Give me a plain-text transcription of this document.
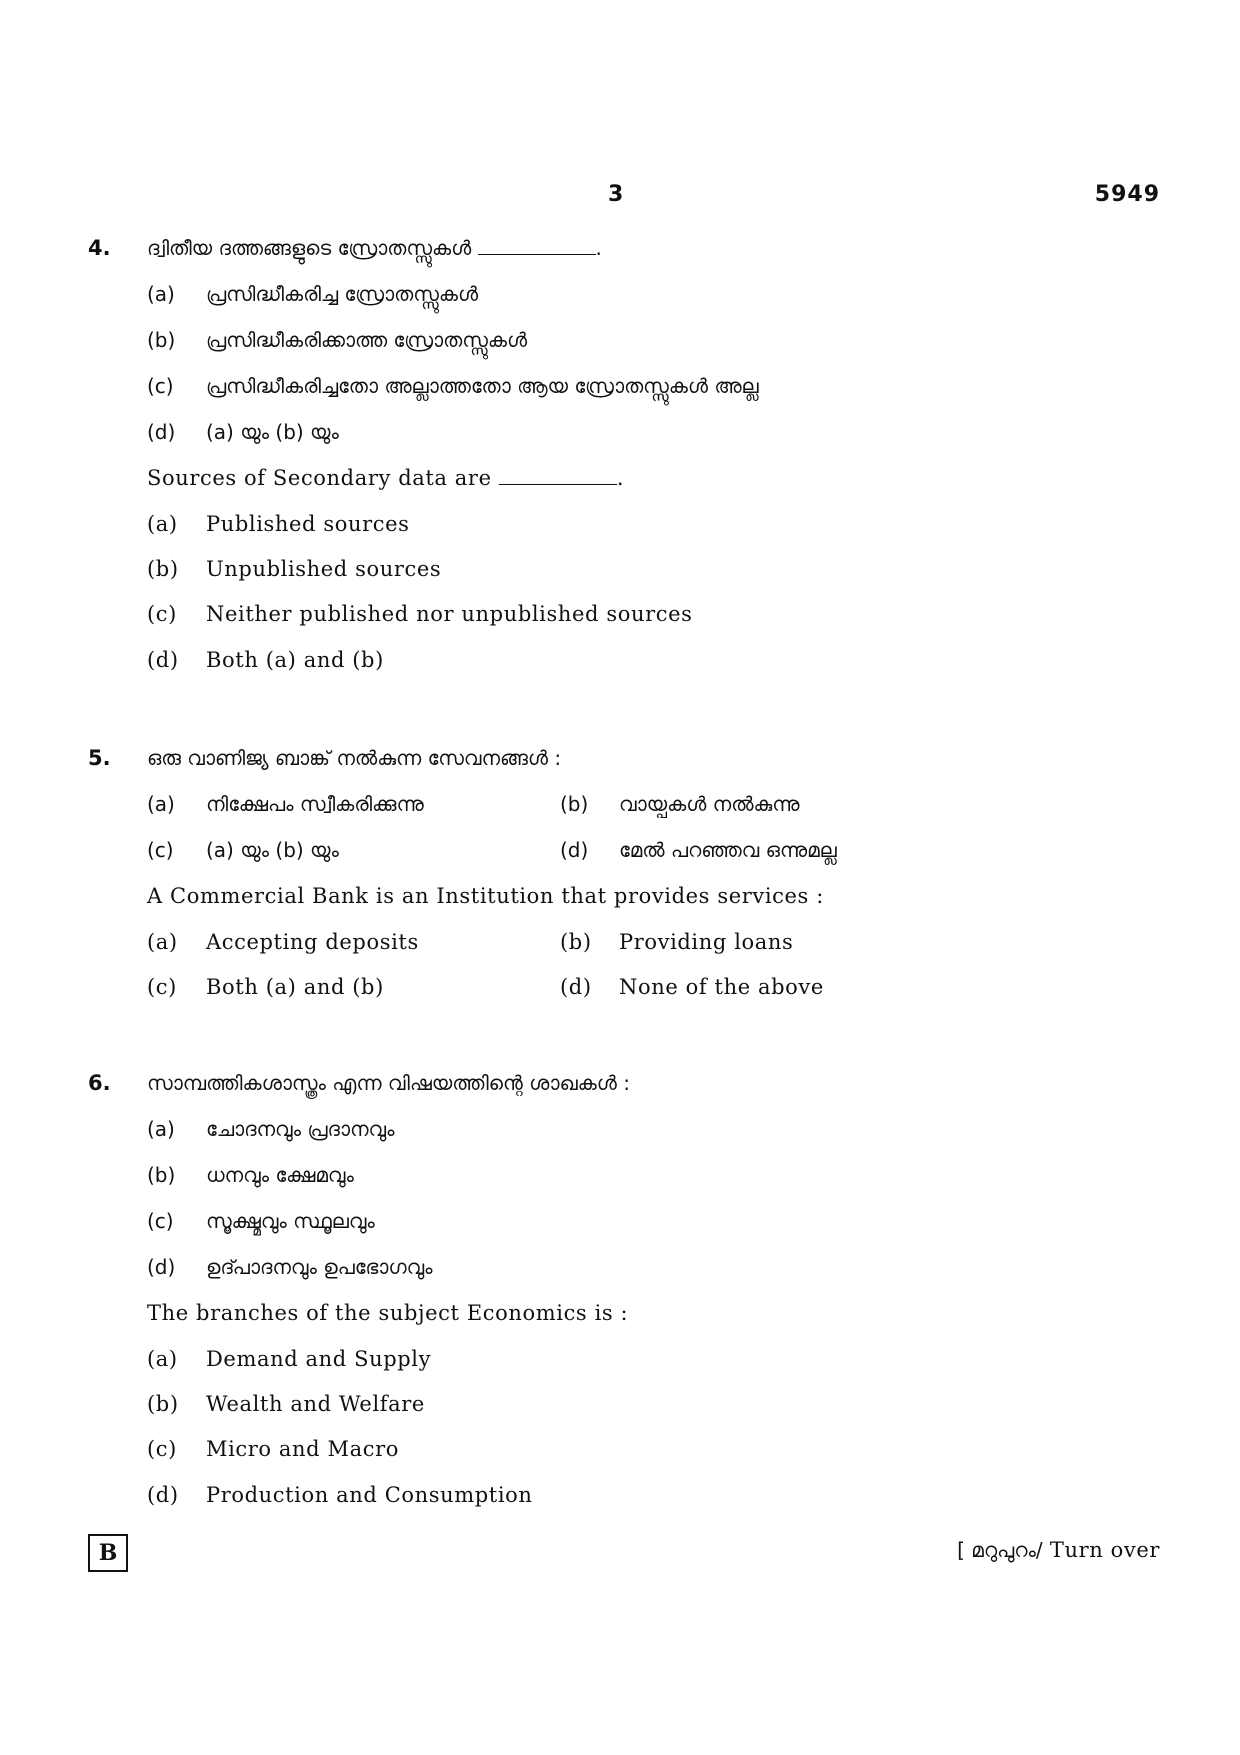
3	5949
4. ദ്വിതീയ ദത്തങ്ങളുടെ സ്രോതസ്സുകൾ	.
(a) പ്രസിദ്ധീകരിച്ച സ്രോതസ്സുകൾ
(b) പ്രസിദ്ധീകരിക്കാത്ത സ്രോതസ്സുകൾ
(c) പ്രസിദ്ധീകരിച്ചതോ അല്ലാത്തതോ ആയ സ്രോതസ്സുകൾ അല്ല
(d) (a) യും (b) യും
Sources of Secondary data are	.
(a) Published sources
(b) Unpublished sources
(c) Neither published nor unpublished sources
(d) Both (a) and (b)
5. ഒരു വാണിജ്യ ബാങ്ക് നൽകുന്ന സേവനങ്ങൾ :
(a) നിക്ഷേപം സ്വീകരിക്കുന്നു	(b) വായ്പകൾ നൽകുന്നു
(c) (a) യും (b) യും	(d) മേൽ പറഞ്ഞവ ഒന്നുമല്ല
A Commercial Bank is an Institution that provides services :
(a) Accepting deposits	(b) Providing loans
(c) Both (a) and (b)	(d) None of the above
6. സാമ്പത്തികശാസ്ത്രം എന്ന വിഷയത്തിന്റെ ശാഖകൾ :
(a) ചോദനവും പ്രദാനവും
(b) ധനവും ക്ഷേമവും
(c) സൂക്ഷ്മവും സ്ഥൂലവും
(d) ഉദ്പാദനവും ഉപഭോഗവും
The branches of the subject Economics is :
(a) Demand and Supply
(b) Wealth and Welfare
(c) Micro and Macro
(d) Production and Consumption
B	[ മറുപുറം/ Turn over
